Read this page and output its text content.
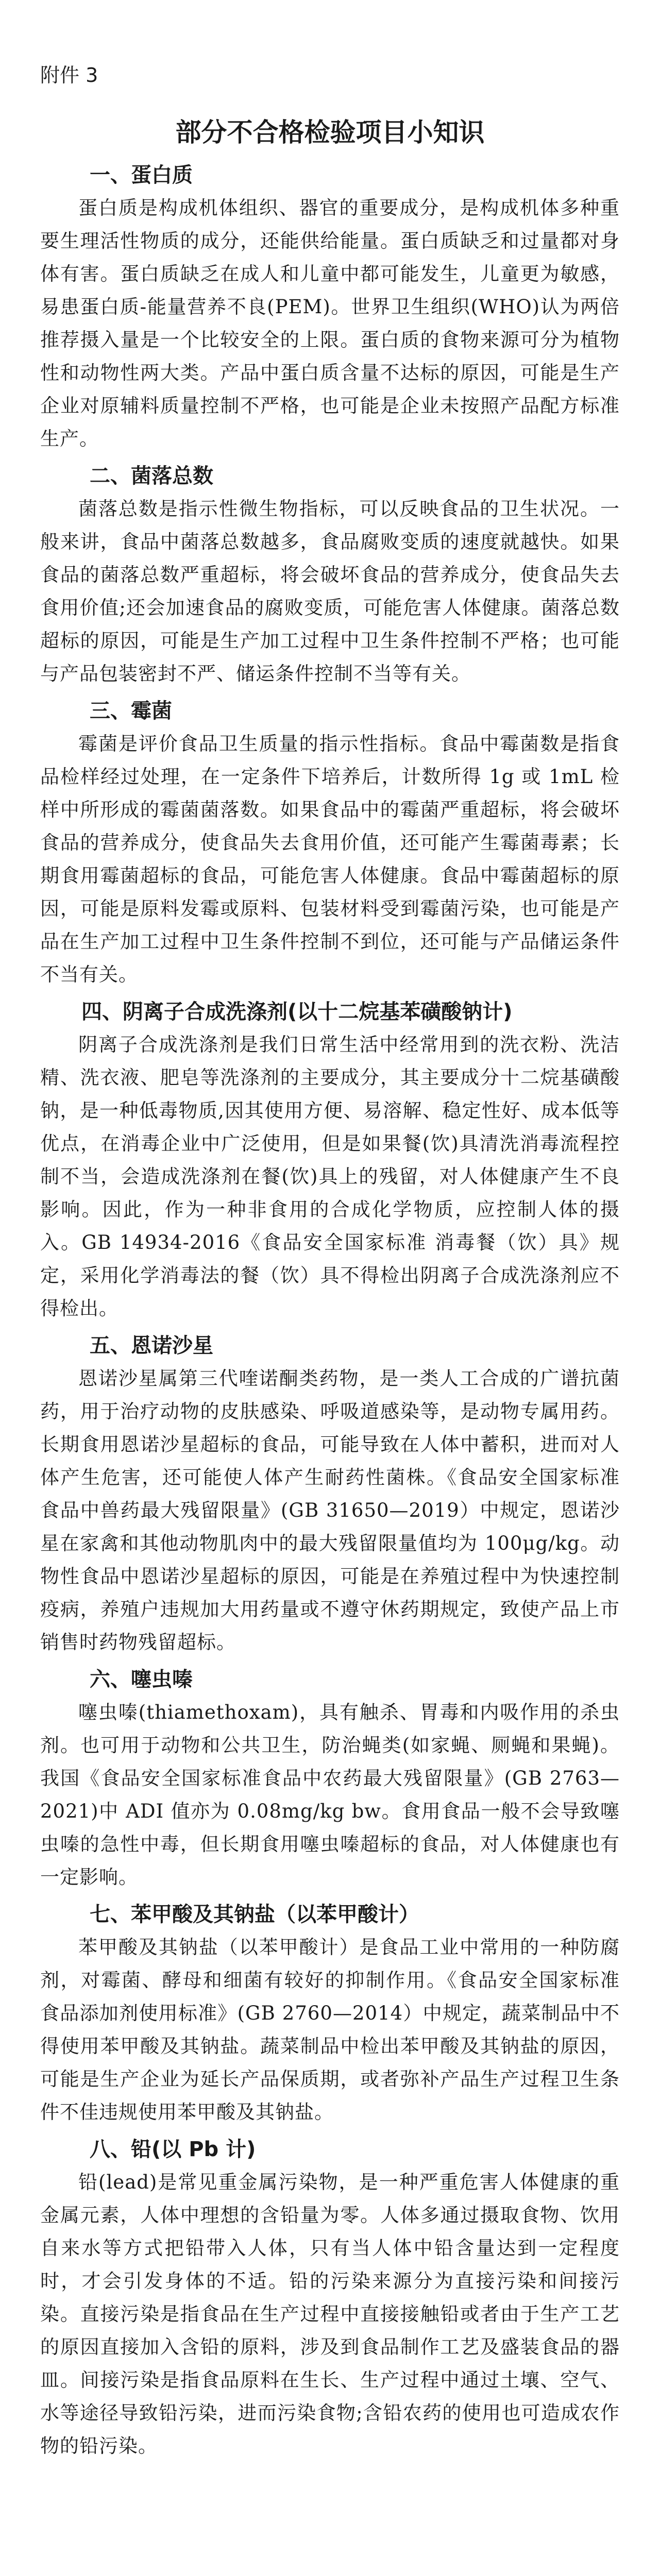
附件 3
部分不合格检验项目小知识
一、蛋白质

蛋白质是构成机体组织、器官的重要成分，是构成机体多种重要生理活性物质的成分，还能供给能量。蛋白质缺乏和过量都对身体有害。蛋白质缺乏在成人和儿童中都可能发生，儿童更为敏感，易患蛋白质-能量营养不良(PEM)。世界卫生组织(WHO)认为两倍推荐摄入量是一个比较安全的上限。蛋白质的食物来源可分为植物性和动物性两大类。产品中蛋白质含量不达标的原因，可能是生产企业对原辅料质量控制不严格，也可能是企业未按照产品配方标准生产。

二、菌落总数

菌落总数是指示性微生物指标，可以反映食品的卫生状况。一般来讲，食品中菌落总数越多，食品腐败变质的速度就越快。如果食品的菌落总数严重超标，将会破坏食品的营养成分，使食品失去食用价值;还会加速食品的腐败变质，可能危害人体健康。菌落总数超标的原因，可能是生产加工过程中卫生条件控制不严格；也可能与产品包装密封不严、储运条件控制不当等有关。

三、霉菌

霉菌是评价食品卫生质量的指示性指标。食品中霉菌数是指食品检样经过处理，在一定条件下培养后，计数所得 1g 或 1mL 检样中所形成的霉菌菌落数。如果食品中的霉菌严重超标，将会破坏食品的营养成分，使食品失去食用价值，还可能产生霉菌毒素；长期食用霉菌超标的食品，可能危害人体健康。食品中霉菌超标的原因，可能是原料发霉或原料、包装材料受到霉菌污染，也可能是产品在生产加工过程中卫生条件控制不到位，还可能与产品储运条件不当有关。

四、阴离子合成洗涤剂(以十二烷基苯磺酸钠计)

阴离子合成洗涤剂是我们日常生活中经常用到的洗衣粉、洗洁精、洗衣液、肥皂等洗涤剂的主要成分，其主要成分十二烷基磺酸钠，是一种低毒物质,因其使用方便、易溶解、稳定性好、成本低等优点，在消毒企业中广泛使用，但是如果餐(饮)具清洗消毒流程控制不当，会造成洗涤剂在餐(饮)具上的残留，对人体健康产生不良影响。因此，作为一种非食用的合成化学物质，应控制人体的摄入。GB 14934-2016《食品安全国家标准 消毒餐（饮）具》规定，采用化学消毒法的餐（饮）具不得检出阴离子合成洗涤剂应不得检出。

五、恩诺沙星

恩诺沙星属第三代喹诺酮类药物，是一类人工合成的广谱抗菌药，用于治疗动物的皮肤感染、呼吸道感染等，是动物专属用药。长期食用恩诺沙星超标的食品，可能导致在人体中蓄积，进而对人体产生危害，还可能使人体产生耐药性菌株。《食品安全国家标准 食品中兽药最大残留限量》(GB 31650—2019）中规定，恩诺沙星在家禽和其他动物肌肉中的最大残留限量值均为 100μg/kg。动物性食品中恩诺沙星超标的原因，可能是在养殖过程中为快速控制疫病，养殖户违规加大用药量或不遵守休药期规定，致使产品上市销售时药物残留超标。

六、噻虫嗪

噻虫嗪(thiamethoxam)，具有触杀、胃毒和内吸作用的杀虫剂。也可用于动物和公共卫生，防治蝇类(如家蝇、厕蝇和果蝇)。我国《食品安全国家标准食品中农药最大残留限量》(GB 2763—2021)中 ADI 值亦为 0.08mg/kg bw。食用食品一般不会导致噻虫嗪的急性中毒，但长期食用噻虫嗪超标的食品，对人体健康也有一定影响。

七、苯甲酸及其钠盐（以苯甲酸计）

苯甲酸及其钠盐（以苯甲酸计）是食品工业中常用的一种防腐剂，对霉菌、酵母和细菌有较好的抑制作用。《食品安全国家标准 食品添加剂使用标准》(GB 2760—2014）中规定，蔬菜制品中不得使用苯甲酸及其钠盐。蔬菜制品中检出苯甲酸及其钠盐的原因，可能是生产企业为延长产品保质期，或者弥补产品生产过程卫生条件不佳违规使用苯甲酸及其钠盐。

八、铅(以 Pb 计)

铅(lead)是常见重金属污染物，是一种严重危害人体健康的重金属元素，人体中理想的含铅量为零。人体多通过摄取食物、饮用自来水等方式把铅带入人体，只有当人体中铅含量达到一定程度时，才会引发身体的不适。铅的污染来源分为直接污染和间接污染。直接污染是指食品在生产过程中直接接触铅或者由于生产工艺的原因直接加入含铅的原料，涉及到食品制作工艺及盛装食品的器皿。间接污染是指食品原料在生长、生产过程中通过土壤、空气、水等途径导致铅污染，进而污染食物;含铅农药的使用也可造成农作物的铅污染。
